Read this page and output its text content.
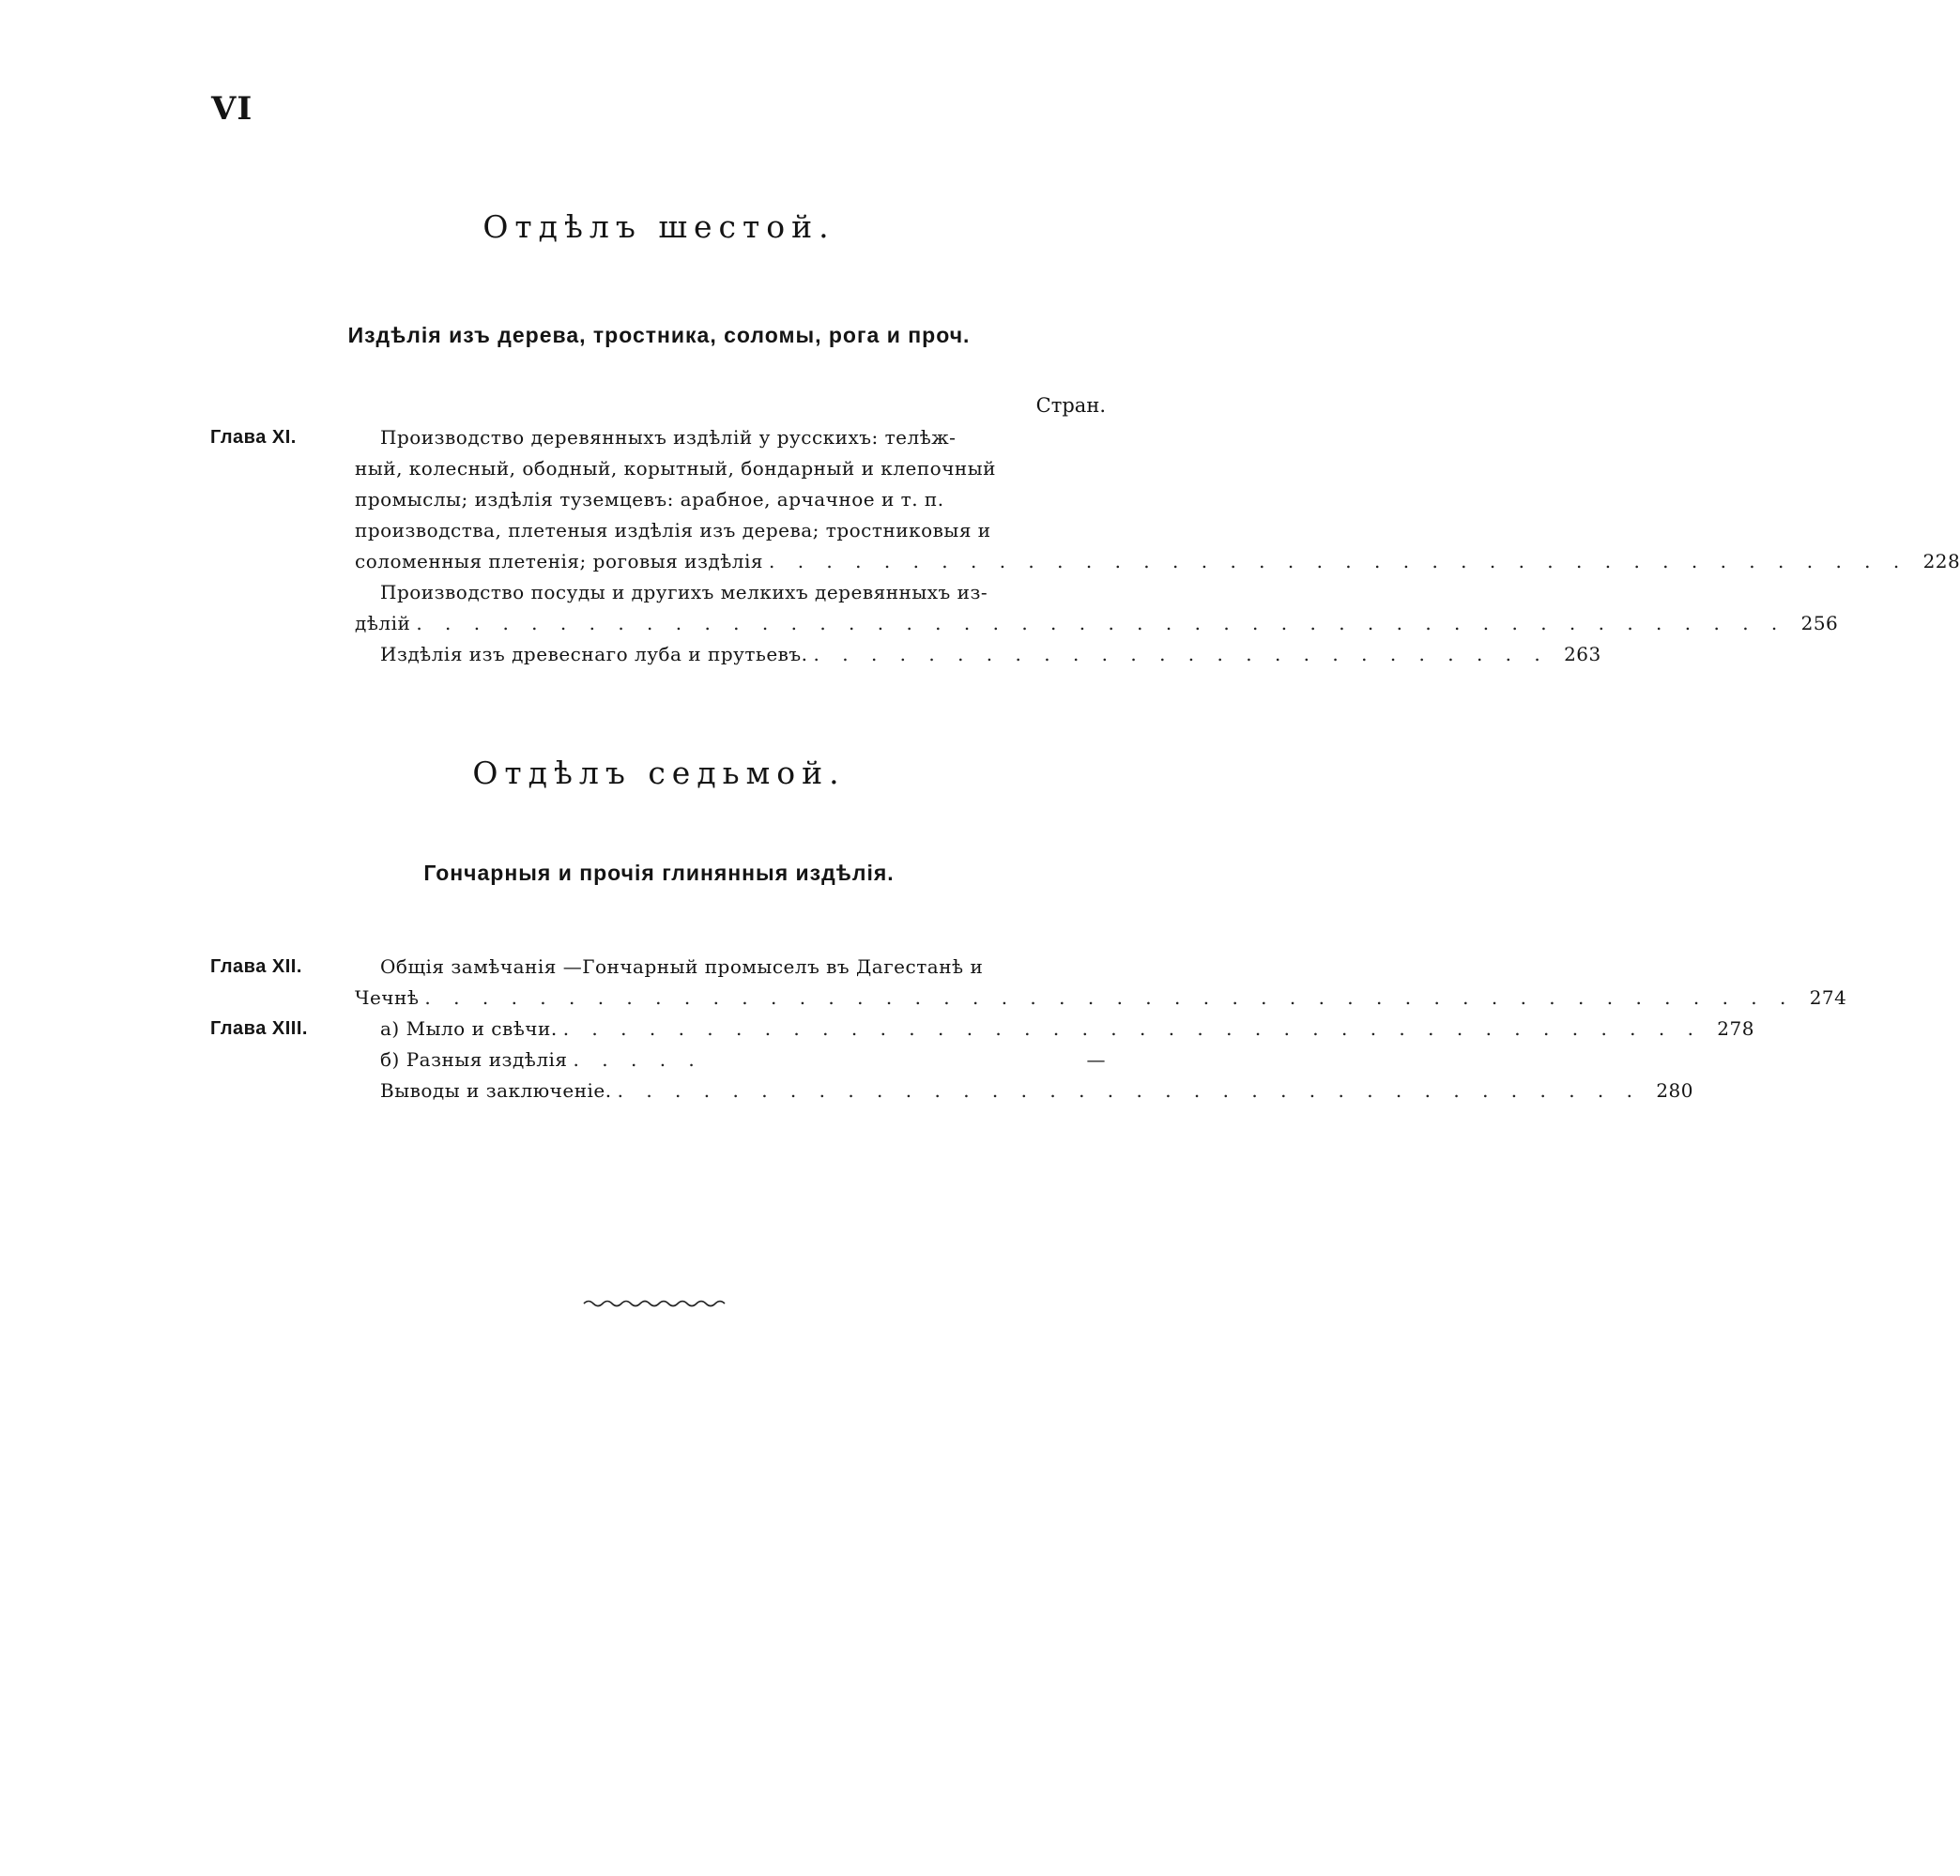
VI
Отдѣлъ шестой.
Издѣлія изъ дерева, тростника, соломы, рога и проч.
Стран.
Глава XI.	Производство деревянныхъ издѣлій у русскихъ: телѣж-
ный, колесный, ободный, корытный, бондарный и клепочный
промыслы; издѣлія туземцевъ: арабное, арчачное и т. п.
производства, плетеныя издѣлія изъ дерева; тростниковыя и
соломенныя плетенія; роговыя издѣлія . . . . . . . . . . . . . . . . . . . . . . . . . . . . . . . . . . . . . . . . 228
Производство посуды и другихъ мелкихъ деревянныхъ из-
дѣлій . . . . . . . . . . . . . . . . . . . . . . . . . . . . . . . . . . . . . . . . . . . . . . . . 256
Издѣлія изъ древеснаго луба и прутьевъ. . . . . . . . . . . . . . . . . . . . . . . . . . . 263
Отдѣлъ седьмой.
Гончарныя и прочія глинянныя издѣлія.
Глава XII.	Общія замѣчанія —Гончарный промыселъ въ Дагестанѣ и
Чечнѣ . . . . . . . . . . . . . . . . . . . . . . . . . . . . . . . . . . . . . . . . . . . . . . . . 274
Глава XIII.	а) Мыло и свѣчи. . . . . . . . . . . . . . . . . . . . . . . . . . . . . . . . . . . . . . . . . 278
б) Разныя издѣлія . . . . .	—
Выводы и заключеніе. . . . . . . . . . . . . . . . . . . . . . . . . . . . . . . . . . . . . 280
